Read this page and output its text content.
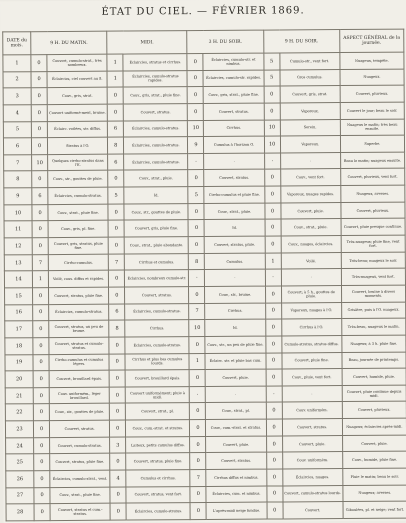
ÉTAT DU CIEL. — FÉVRIER 1869.
DATE du mois.	9 H. DU MATIN.		MIDI.		3 H. DU SOIR.		9 H. DU SOIR.		ASPECT GÉNÉRAL de la journée.
1	0	Couvert, cumulo-strat., très nombreux.	1	Éclaircies, stratus et cirrhus.	0	Éclaircies, cumulo-str. et nimbus.	5	Cumulo-str., vent fort.	Nuageux, tempête.
2	0	Éclaircies, ciel couvert au S.	1	Éclaircies, cumulo-stratus rapides.	0	Éclaircies, cumulo-str. rapides.	5	Gros cumulus.	Nuageux.
3	0	Couv., gris, strat.	0	Couv., gris, strat., pluie fine.	0	Couv., gris, strat., pluie fine.	0	Couvert, gris, strat.	Couvert, pluvieux.
4	0	Couvert uniformé-ment, bruine.	0	Couvert, stratus.	0	Couvert, stratus.	0	Vaporeux.	Couvert le jour; beau le soir.
5	0	Éclairc. voilées, str. diffus.	6	Éclaircies, cumulo-stratus.	10	Cirrhus.	10	Serein.	Nuageux le matin; très beau ensuite.
6	0	Stratus à l'O.	8	Éclaircies, cumulo-stratus.	9	Cumulus à l'horizon O.	10	Vaporeux.	Superbe.
7	10	Quelques cirrho-stratus dans l'E.	6	Éclaircies, cumulo-stratus.	·	·	·	·	Beau le matin; nuageux ensuite.
8	0	Couv., str., gouttes de pluie.	0	Couv., strat., pluie.	0	Couvert, stratus.	0	Couv., vent fort.	Couvert, pluvieux, vent fort.
9	6	Éclaircies, cumulo-stratus.	5	Id.	5	Cirrho-cumulus et pluie fine.	0	Vaporeux, nuages rapides.	Nuageux, averses.
10	0	Couv., strat., pluie fine.	0	Couv., str., gouttes de pluie.	0	Couv., strat., pluie.	0	Couvert, pluie.	Couvert, pluvieux.
11	0	Couv., gris, pl. fine.	0	Couvert, gris, pluie fine.	0	Id.	0	Couv., strat., pluie.	Couvert, pluie presque continue.
12	0	Couvert, gris, stratus, pluie fine.	0	Couv., strat., pluie abondante.	0	Couvert, stratus, pluie.	0	Couv., nuages, éclaircies.	Très-nuageux; pluie fine, vent fort.
13	7	Cirrho-cumulus.	7	Cirrhus et cumulus.	8	Cumulus.	1	Voilé.	Très-beau; nuageux le soir.
14	1	Voilé, cous. diffus et rapides.	0	Éclaircies, nombreux cumulo-str.	·	·	·	·	Très-nuageux, vent fort.
15	0	Couvert, stratus, pluie fine.	0	Couvert, stratus.	0	Couv., str., bruine.	0	Couvert; à 5 h., gouttes de pluie.	Couvert, bruine à divers moments.
16	0	Éclaircies, cumulo-stratus.	6	Éclaircies, cumulo-stratus.	7	Cirrhus.	0	Vaporeux, nuages à l'O.	Grisâtre, puis à l'O. nuageux.
17	0	Couvert, stratus, un peu de brume.	8	Cirrhus.	10	Id.	0	Cirrhus à l'O.	Très-beau, nuageux le matin.
18	0	Couvert, stratus et cumulo-stratus.	0	Éclaircies, cumulo-stratus.	0	Couv., str., un peu de pluie fine.	0	Cumulo-stratus, stratus diffus.	Nuageux; à 3 h. pluie fine.
19	0	Cirrho-cumulus et cumulus légers.	0	Cirrhus et plus bas cumulus lourds.	1	Éclairc. str. et pluie bas cum.	0	Couvert, pluie fine.	Beau, journée de printemps.
20	0	Couvert, brouillard épais.	0	Couvert, brouillard épais.	0	Couvert, pluie.	0	Couv., pluie, vent fort.	Couvert, humide, pluie.
21	0	Couv. uniformém., léger brouillard.	0	Couvert uniformément; pluie à midi.	·	·	·	·	Couvert, pluie continue depuis midi.
22	0	Couv., str., gouttes de pluie.	0	Couvert, strat., pl.	0	Couv., strat., pl.	0	Couv. uniformém.	Couvert, pluvieux.
23	0	Couvert, stratus.	0	Couv., cum.-strat. et stratus.	0	Couv., cum.-strat. et stratus.	0	Couvert, stratus.	Nuageux; éclaircies après-midi.
24	0	Couvert, cumulo-stratus.	3	Laiteux, petits cumulus diffus.	0	Couvert, pluie.	0	Couvert, pluie.	Couvert, pluie.
25	0	Couvert, stratus, pluie fine.	0	Couvert, stratus, pluie fine.	0	Couvert, stratus.	0	Couv. uniformém.	Couv., humide, pluie fine.
26	0	Éclaircies, cumulo-strat., vent.	4	Cumulus et cirrhus.	7	Cirrhus diffus et nimbus.	0	Éclaircies, nuages.	Pluie le matin; beau le soir.
27	0	Couv., strat., pluie fine.	0	Couvert, stratus, vent fort.	0	Éclaircies, cum. et nimbus.	0	Couvert, cumulo-stratus lourds.	Nuageux; averses.
28	0	Couvert, stratus et cum.-stratus.	0	Éclaircies, cumulo-stratus.	0	L'après-midi neige fondue.	0	Couvert.	Giboulées, pl. et neige; vent fort.
